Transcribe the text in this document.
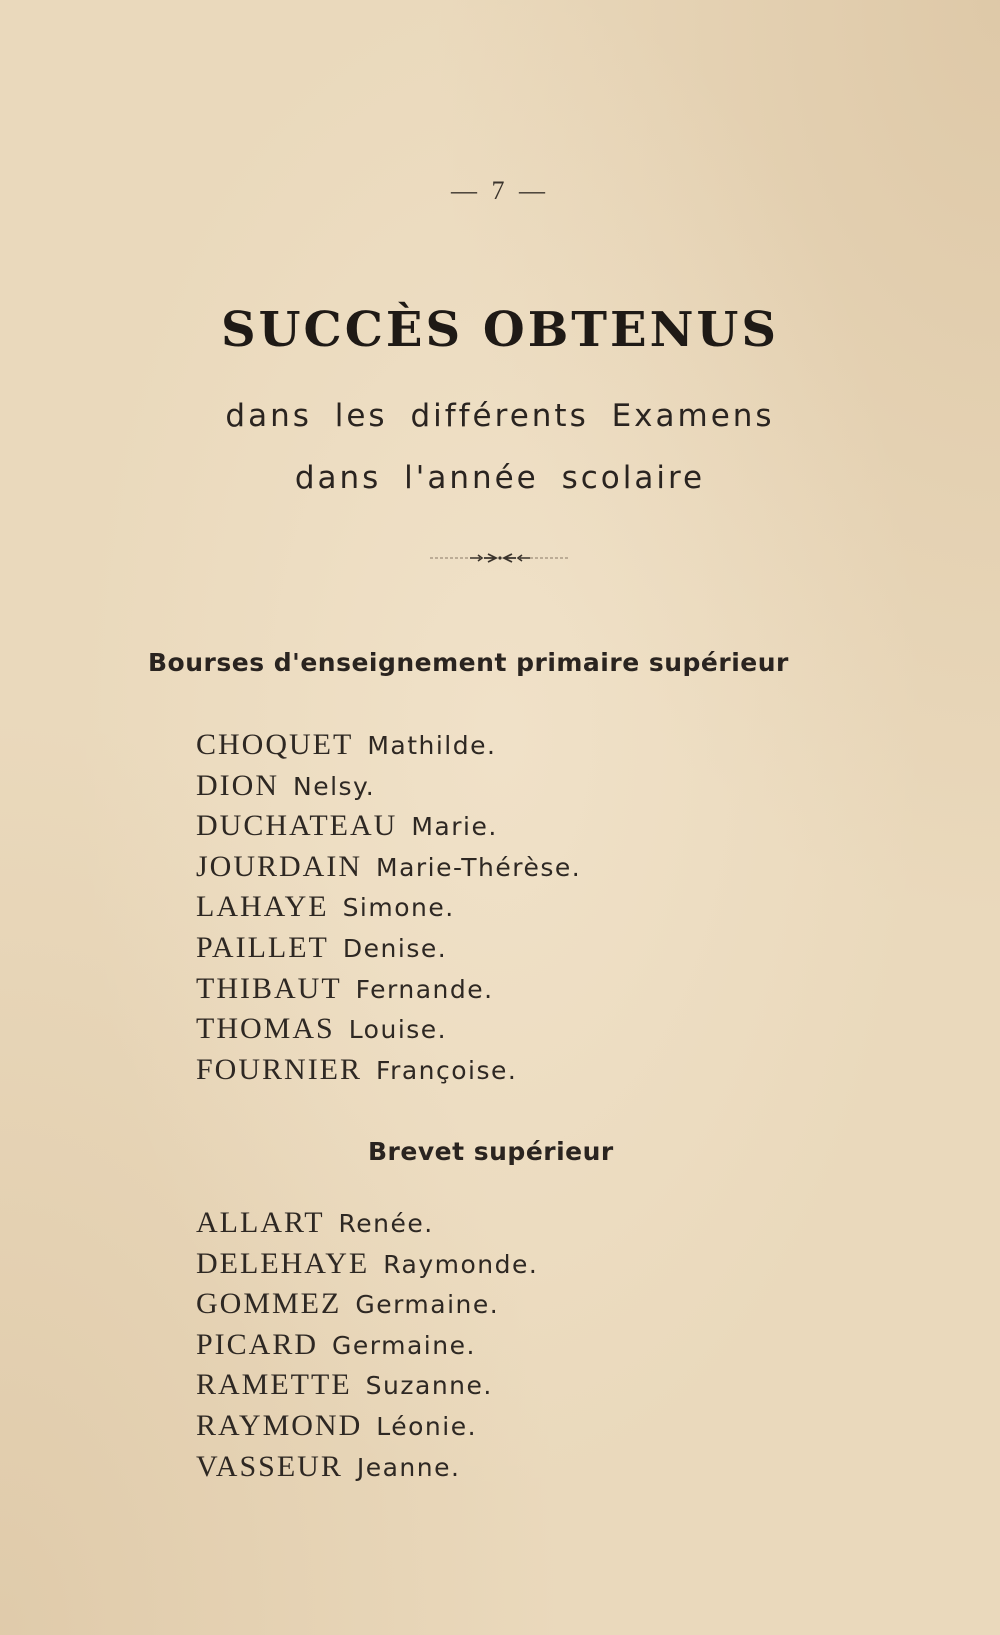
— 7 —
SUCCÈS OBTENUS
dans les différents Examens
dans l'année scolaire
Bourses d'enseignement primaire supérieur
CHOQUET Mathilde.
DION Nelsy.
DUCHATEAU Marie.
JOURDAIN Marie-Thérèse.
LAHAYE Simone.
PAILLET Denise.
THIBAUT Fernande.
THOMAS Louise.
FOURNIER Françoise.
Brevet supérieur
ALLART Renée.
DELEHAYE Raymonde.
GOMMEZ Germaine.
PICARD Germaine.
RAMETTE Suzanne.
RAYMOND Léonie.
VASSEUR Jeanne.
